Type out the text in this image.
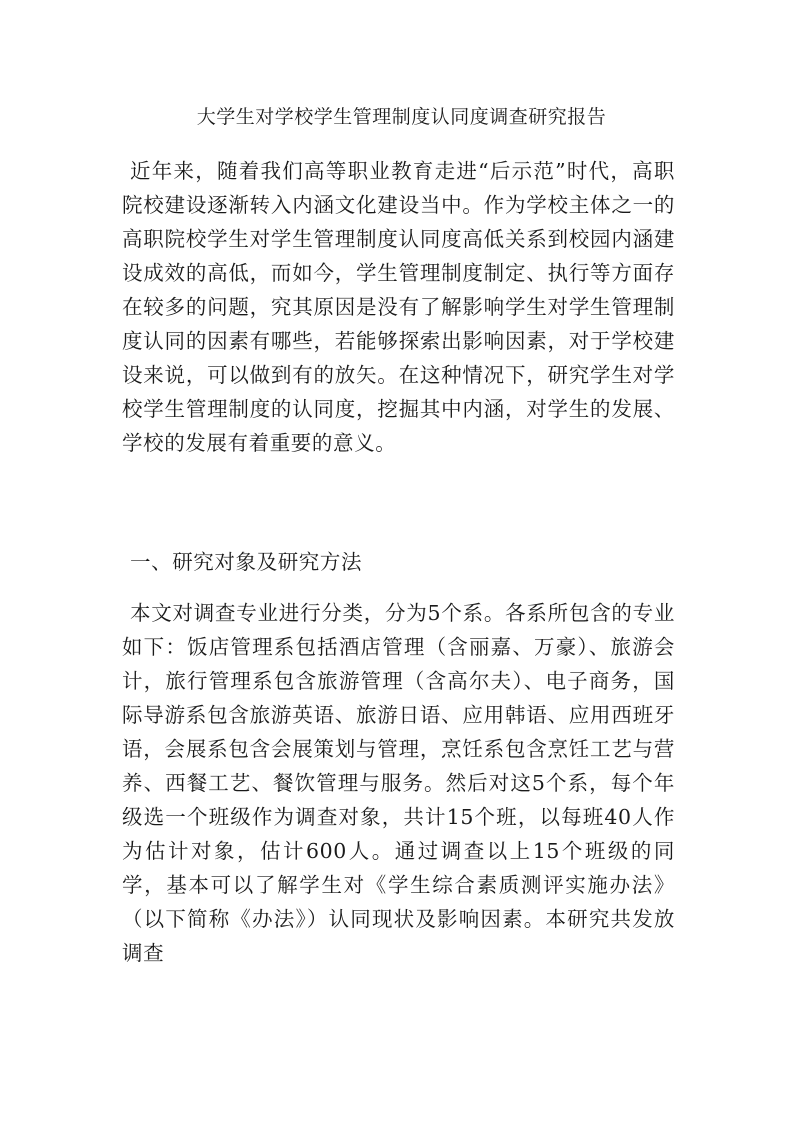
大学生对学校学生管理制度认同度调查研究报告
近年来，随着我们高等职业教育走进“后示范”时代，高职院校建设逐渐转入内涵文化建设当中。作为学校主体之一的高职院校学生对学生管理制度认同度高低关系到校园内涵建设成效的高低，而如今，学生管理制度制定、执行等方面存在较多的问题，究其原因是没有了解影响学生对学生管理制度认同的因素有哪些，若能够探索出影响因素，对于学校建设来说，可以做到有的放矢。在这种情况下，研究学生对学校学生管理制度的认同度，挖掘其中内涵，对学生的发展、学校的发展有着重要的意义。
一、研究对象及研究方法
本文对调查专业进行分类，分为5个系。各系所包含的专业如下：饭店管理系包括酒店管理（含丽嘉、万豪）、旅游会计，旅行管理系包含旅游管理（含高尔夫）、电子商务，国际导游系包含旅游英语、旅游日语、应用韩语、应用西班牙语，会展系包含会展策划与管理，烹饪系包含烹饪工艺与营养、西餐工艺、餐饮管理与服务。然后对这5个系，每个年级选一个班级作为调查对象，共计15个班，以每班40人作为估计对象，估计600人。通过调查以上15个班级的同学，基本可以了解学生对《学生综合素质测评实施办法》（以下简称《办法》）认同现状及影响因素。本研究共发放调查
